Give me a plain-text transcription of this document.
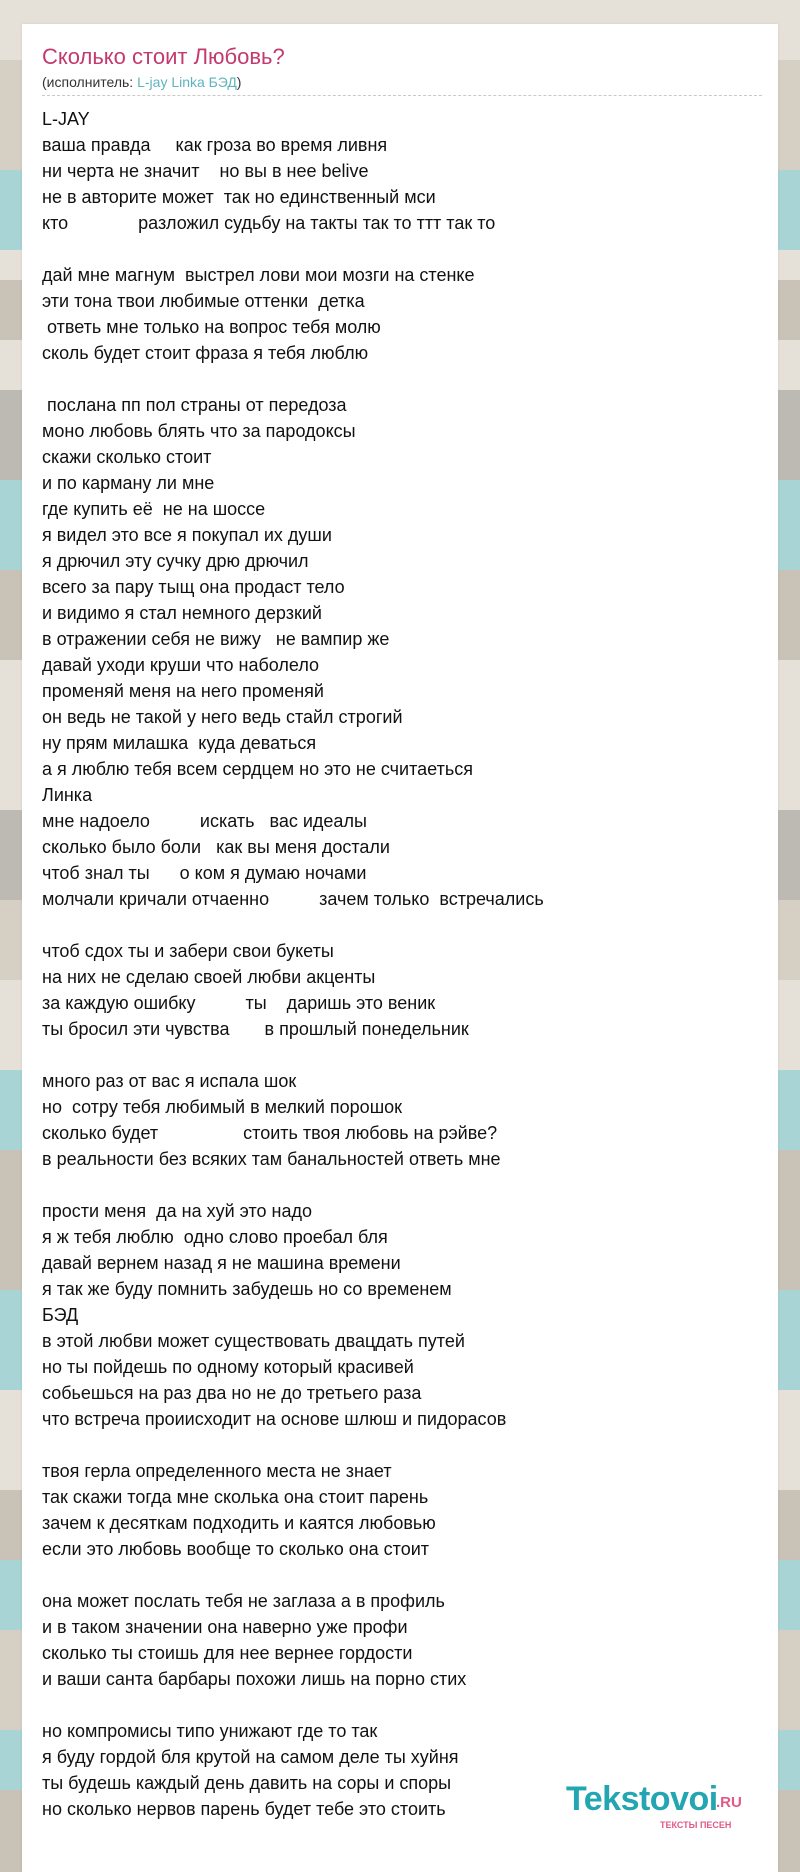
Сколько стоит Любовь?
(исполнитель: L-jay Linka БЭД)
L-JAY
ваша правда     как гроза во время ливня
ни черта не значит    но вы в нее belive
не в авторите может  так но единственный мси
кто              разложил судьбу на такты так то ттт так то
дай мне магнум  выстрел лови мои мозги на стенке
эти тона твои любимые оттенки  детка
ответь мне только на вопрос тебя молю
сколь будет стоит фраза я тебя люблю
послана пп пол страны от передоза
моно любовь блять что за пародоксы
скажи сколько стоит
и по карману ли мне
где купить её  не на шоссе
я видел это все я покупал их души
я дрючил эту сучку дрю дрючил
всего за пару тыщ она продаст тело
и видимо я стал немного дерзкий
в отражении себя не вижу   не вампир же
давай уходи круши что наболело
променяй меня на него променяй
он ведь не такой у него ведь стайл строгий
ну прям милашка  куда деваться
а я люблю тебя всем сердцем но это не считаеться
Линка
мне надоело          искать   вас идеалы
сколько было боли   как вы меня достали
чтоб знал ты      о ком я думаю ночами
молчали кричали отчаенно          зачем только  встречались
чтоб сдох ты и забери свои букеты
на них не сделаю своей любви акценты
за каждую ошибку          ты    даришь это веник
ты бросил эти чувства       в прошлый понедельник
много раз от вас я испала шок
но  сотру тебя любимый в мелкий порошок
сколько будет                 стоить твоя любовь на рэйве?
в реальности без всяких там банальностей ответь мне
прости меня  да на хуй это надо
я ж тебя люблю  одно слово проебал бля
давай вернем назад я не машина времени
я так же буду помнить забудешь но со временем
БЭД
в этой любви может существовать двацдать путей
но ты пойдешь по одному который красивей
собьешься на раз два но не до третьего раза
что встреча проиисходит на основе шлюш и пидорасов
твоя герла определенного места не знает
так скажи тогда мне сколька она стоит парень
зачем к десяткам подходить и каятся любовью
если это любовь вообще то сколько она стоит
она может послать тебя не заглаза а в профиль
и в таком значении она наверно уже профи
сколько ты стоишь для нее вернее гордости
и ваши санта барбары похожи лишь на порно стих
но компромисы типо унижают где то так
я буду гордой бля крутой на самом деле ты хуйня
ты будешь каждый день давить на соры и споры
но сколько нервов парень будет тебе это стоить	Tekstovoi
.RU
ТЕКСТЫ ПЕСЕН
